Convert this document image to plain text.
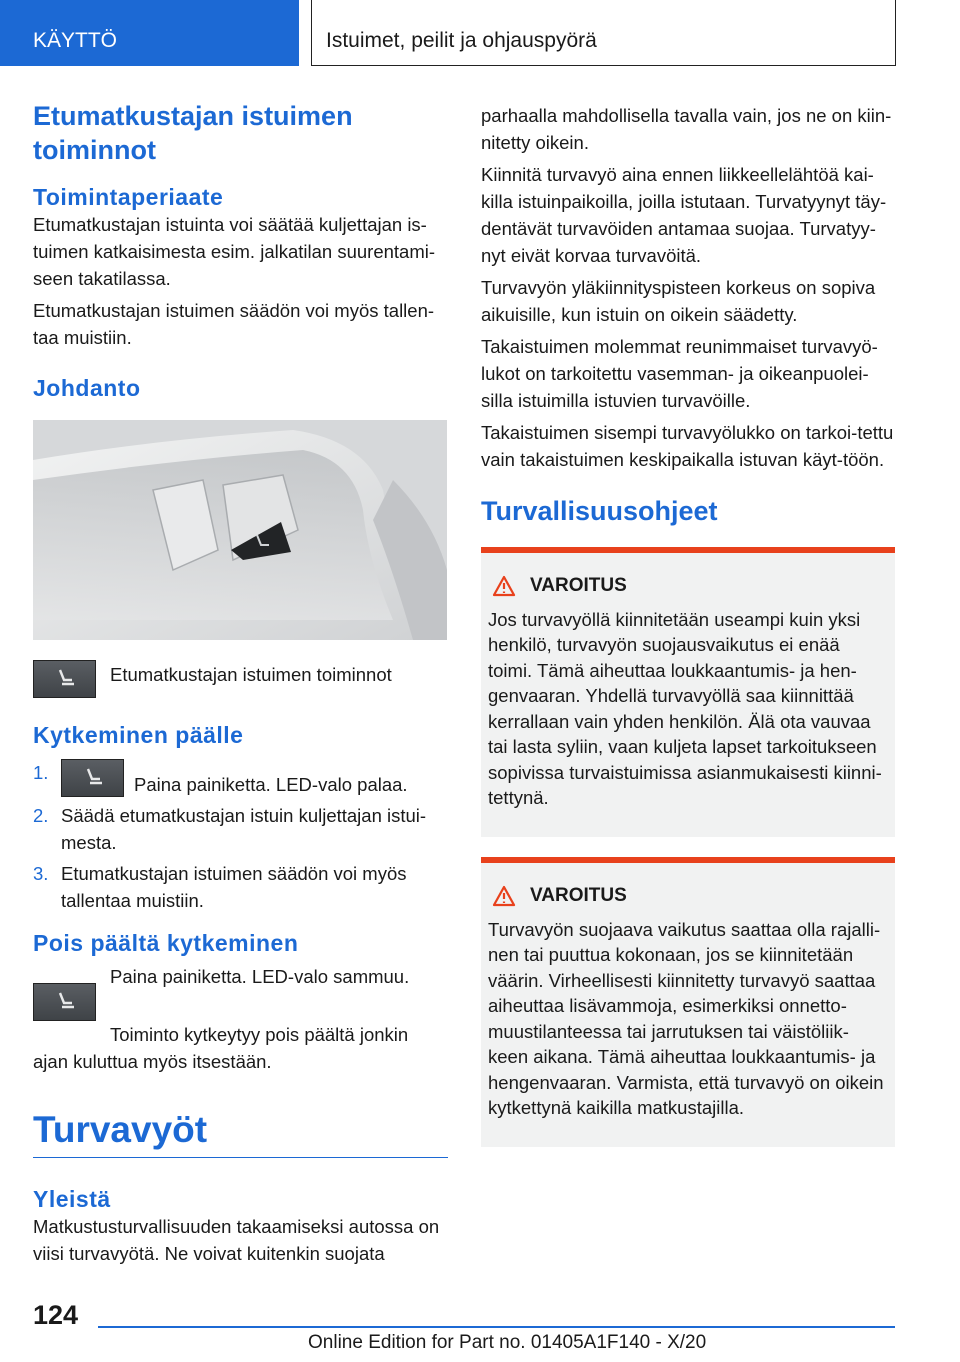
KÄYTTÖ	Istuimet, peilit ja ohjauspyörä
Etumatkustajan istuimen toiminnot
Toimintaperiaate

Etumatkustajan istuinta voi säätää kuljettajan is-tuimen katkaisimesta esim. jalkatilan suurentami-seen takatilassa.

Etumatkustajan istuimen säädön voi myös tallen-taa muistiin.

Johdanto
Etumatkustajan istuimen toiminnot
Kytkeminen päälle
1.
Paina painiketta. LED-valo palaa.
2. Säädä etumatkustajan istuin kuljettajan istui-mesta.
3. Etumatkustajan istuimen säädön voi myös tallentaa muistiin.
Pois päältä kytkeminen

Paina painiketta. LED-valo sammuu.

Toiminto kytkeytyy pois päältä jonkin ajan kuluttua myös itsestään.

Turvavyöt
Yleistä

Matkustusturvallisuuden takaamiseksi autossa on viisi turvavyötä. Ne voivat kuitenkin suojata

parhaalla mahdollisella tavalla vain, jos ne on kiin-nitetty oikein.

Kiinnitä turvavyö aina ennen liikkeellelähtöä kai-killa istuinpaikoilla, joilla istutaan. Turvatyynyt täy-dentävät turvavöiden antamaa suojaa. Turvatyy-nyt eivät korvaa turvavöitä.

Turvavyön yläkiinnityspisteen korkeus on sopiva aikuisille, kun istuin on oikein säädetty.

Takaistuimen molemmat reunimmaiset turvavyö-lukot on tarkoitettu vasemman- ja oikeanpuolei-silla istuimilla istuvien turvavöille.

Takaistuimen sisempi turvavyölukko on tarkoi-tettu vain takaistuimen keskipaikalla istuvan käyt-töön.

Turvallisuusohjeet
VAROITUS

Jos turvavyöllä kiinnitetään useampi kuin yksi henkilö, turvavyön suojausvaikutus ei enää toimi. Tämä aiheuttaa loukkaantumis- ja hen-genvaaran. Yhdellä turvavyöllä saa kiinnittää kerrallaan vain yhden henkilön. Älä ota vauvaa tai lasta syliin, vaan kuljeta lapset tarkoitukseen sopivissa turvaistuimissa asianmukaisesti kiinni-tettynä.

VAROITUS

Turvavyön suojaava vaikutus saattaa olla rajalli-nen tai puuttua kokonaan, jos se kiinnitetään väärin. Virheellisesti kiinnitetty turvavyö saattaa aiheuttaa lisävammoja, esimerkiksi onnetto-muustilanteessa tai jarrutuksen tai väistöliik-keen aikana. Tämä aiheuttaa loukkaantumis- ja hengenvaaran. Varmista, että turvavyö on oikein kytkettynä kaikilla matkustajilla.

124
Online Edition for Part no. 01405A1F140 - X/20
